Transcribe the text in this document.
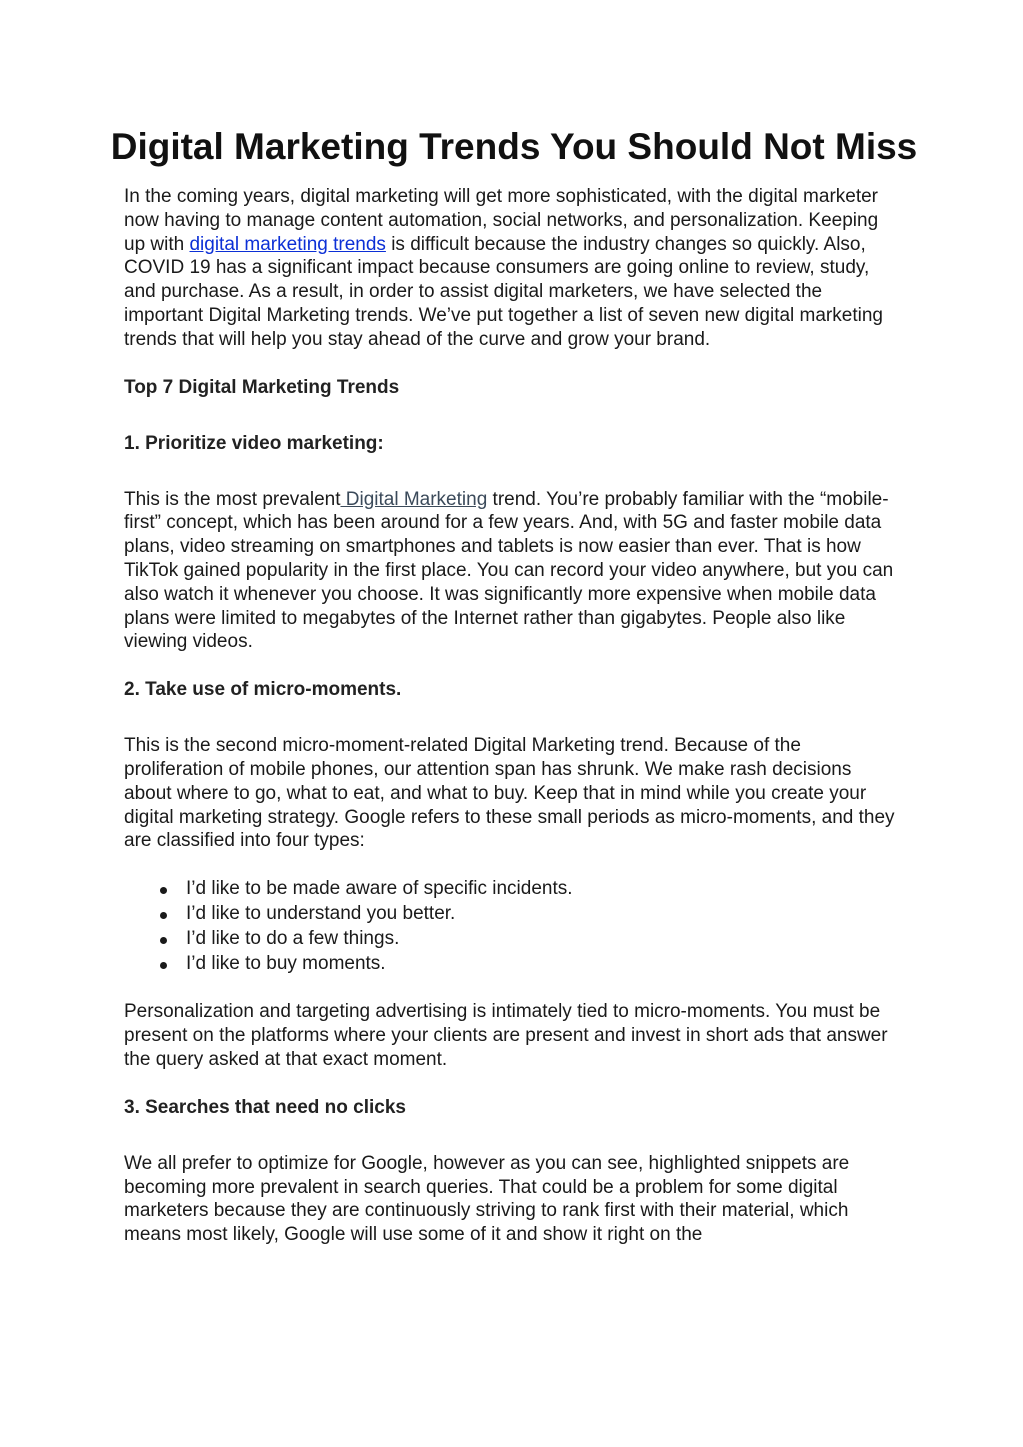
Digital Marketing Trends You Should Not Miss

In the coming years, digital marketing will get more sophisticated, with the digital marketer now having to manage content automation, social networks, and personalization. Keeping up with digital marketing trends is difficult because the industry changes so quickly. Also, COVID 19 has a significant impact because consumers are going online to review, study, and purchase. As a result, in order to assist digital marketers, we have selected the important Digital Marketing trends. We’ve put together a list of seven new digital marketing trends that will help you stay ahead of the curve and grow your brand.

Top 7 Digital Marketing Trends
1. Prioritize video marketing:

This is the most prevalent Digital Marketing trend. You’re probably familiar with the “mobile-first” concept, which has been around for a few years. And, with 5G and faster mobile data plans, video streaming on smartphones and tablets is now easier than ever. That is how TikTok gained popularity in the first place. You can record your video anywhere, but you can also watch it whenever you choose. It was significantly more expensive when mobile data plans were limited to megabytes of the Internet rather than gigabytes. People also like viewing videos.

2. Take use of micro-moments.

This is the second micro-moment-related Digital Marketing trend. Because of the proliferation of mobile phones, our attention span has shrunk. We make rash decisions about where to go, what to eat, and what to buy. Keep that in mind while you create your digital marketing strategy. Google refers to these small periods as micro-moments, and they are classified into four types:

I’d like to be made aware of specific incidents.
I’d like to understand you better.
I’d like to do a few things.
I’d like to buy moments.

Personalization and targeting advertising is intimately tied to micro-moments. You must be present on the platforms where your clients are present and invest in short ads that answer the query asked at that exact moment.

3. Searches that need no clicks

We all prefer to optimize for Google, however as you can see, highlighted snippets are becoming more prevalent in search queries. That could be a problem for some digital marketers because they are continuously striving to rank first with their material, which means most likely, Google will use some of it and show it right on the
